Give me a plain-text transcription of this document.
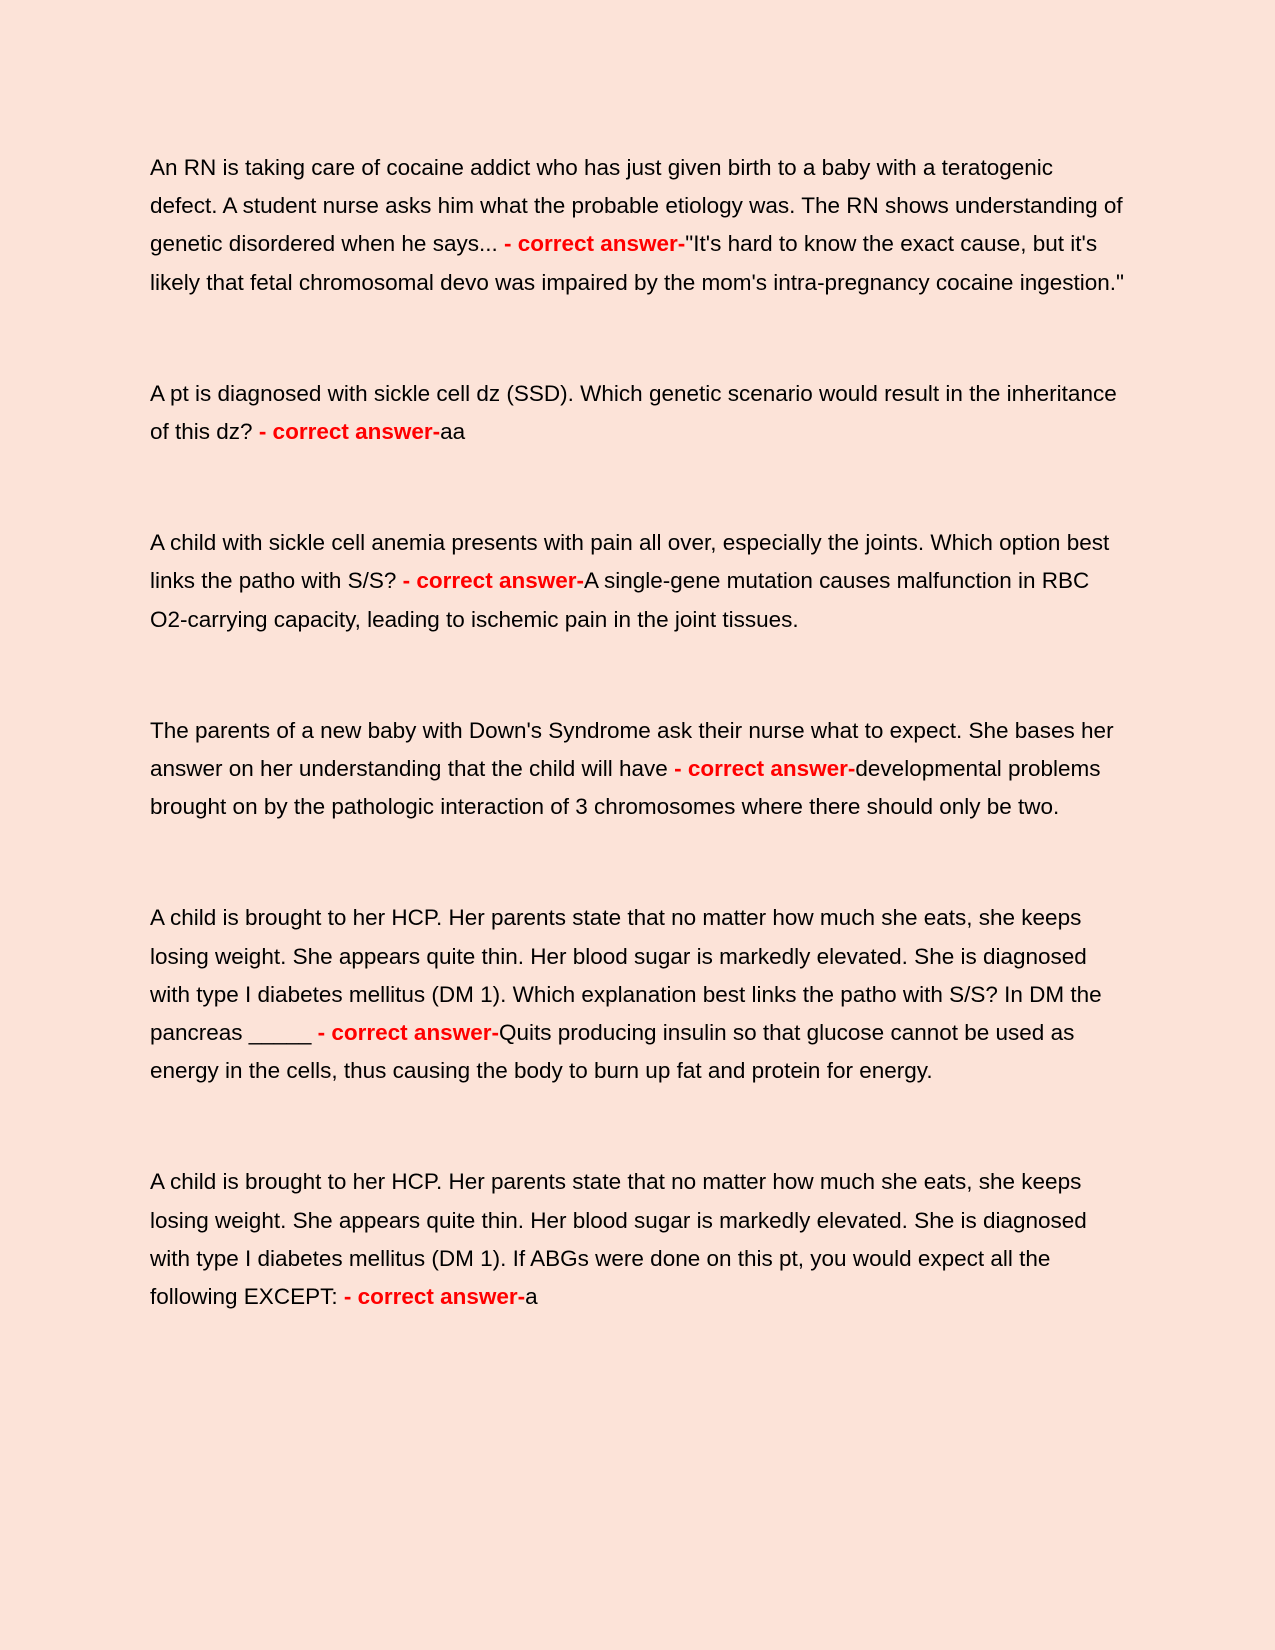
An RN is taking care of cocaine addict who has just given birth to a baby with a teratogenic defect. A student nurse asks him what the probable etiology was. The RN shows understanding of genetic disordered when he says... - correct answer-"It's hard to know the exact cause, but it's likely that fetal chromosomal devo was impaired by the mom's intra-pregnancy cocaine ingestion."

A pt is diagnosed with sickle cell dz (SSD). Which genetic scenario would result in the inheritance of this dz? - correct answer-aa

A child with sickle cell anemia presents with pain all over, especially the joints. Which option best links the patho with S/S? - correct answer-A single-gene mutation causes malfunction in RBC O2-carrying capacity, leading to ischemic pain in the joint tissues.

The parents of a new baby with Down's Syndrome ask their nurse what to expect. She bases her answer on her understanding that the child will have - correct answer-developmental problems brought on by the pathologic interaction of 3 chromosomes where there should only be two.

A child is brought to her HCP. Her parents state that no matter how much she eats, she keeps losing weight. She appears quite thin. Her blood sugar is markedly elevated. She is diagnosed with type I diabetes mellitus (DM 1). Which explanation best links the patho with S/S? In DM the pancreas _____ - correct answer-Quits producing insulin so that glucose cannot be used as energy in the cells, thus causing the body to burn up fat and protein for energy.

A child is brought to her HCP. Her parents state that no matter how much she eats, she keeps losing weight. She appears quite thin. Her blood sugar is markedly elevated. She is diagnosed with type I diabetes mellitus (DM 1). If ABGs were done on this pt, you would expect all the following EXCEPT: - correct answer-a
